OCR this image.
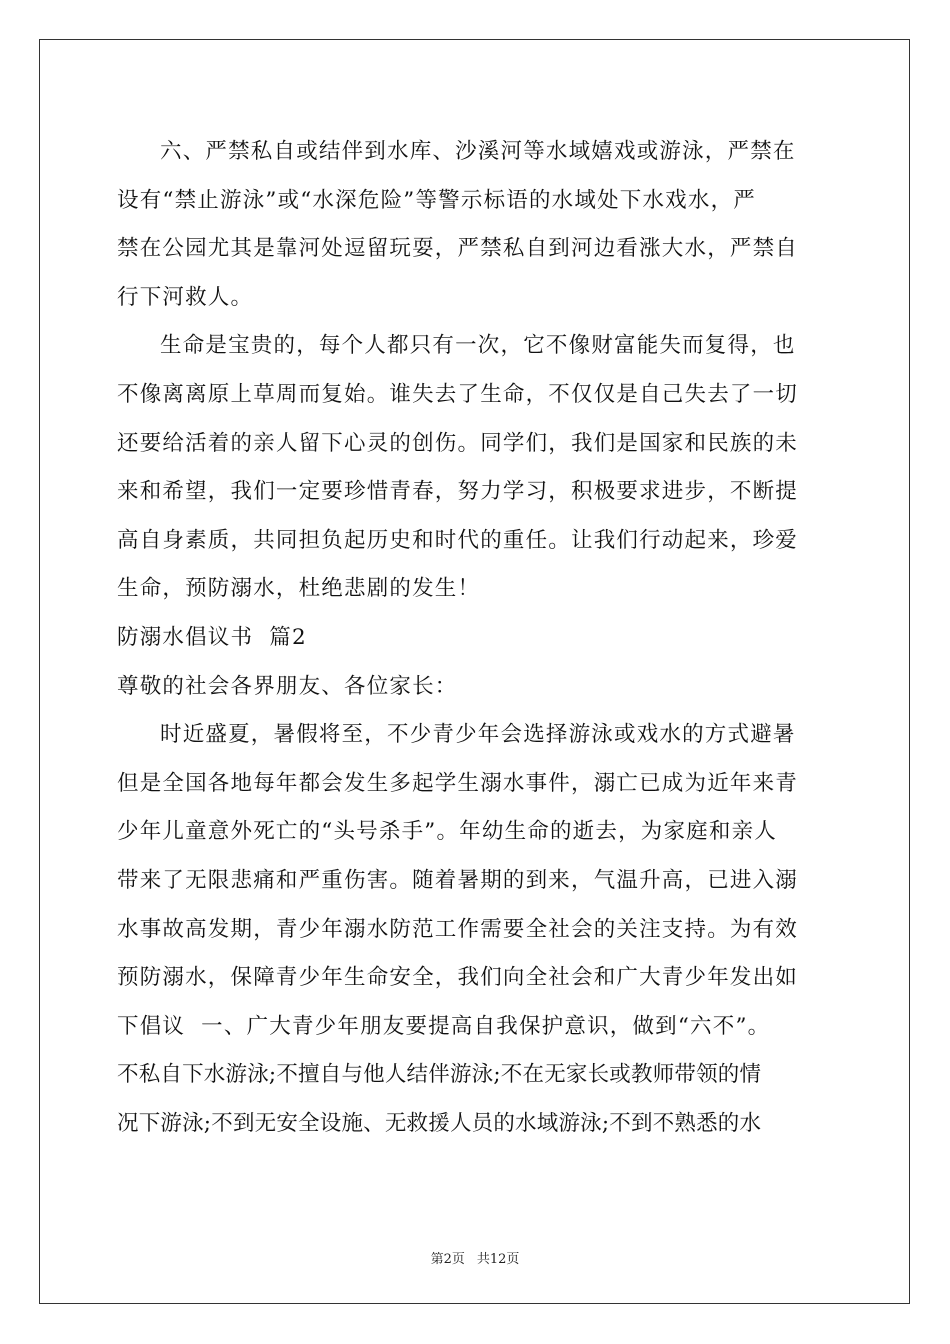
六、严禁私自或结伴到水库、沙溪河等水域嬉戏或游泳，严禁在
设有“禁止游泳”或“水深危险”等警示标语的水域处下水戏水，严
禁在公园尤其是靠河处逗留玩耍，严禁私自到河边看涨大水，严禁自
行下河救人。

生命是宝贵的，每个人都只有一次，它不像财富能失而复得，也
不像离离原上草周而复始。谁失去了生命，不仅仅是自己失去了一切
还要给活着的亲人留下心灵的创伤。同学们，我们是国家和民族的未
来和希望，我们一定要珍惜青春，努力学习，积极要求进步，不断提
高自身素质，共同担负起历史和时代的重任。让我们行动起来，珍爱
生命，预防溺水，杜绝悲剧的发生！

防溺水倡议书  篇2

尊敬的社会各界朋友、各位家长：

时近盛夏，暑假将至，不少青少年会选择游泳或戏水的方式避暑
但是全国各地每年都会发生多起学生溺水事件，溺亡已成为近年来青
少年儿童意外死亡的“头号杀手”。年幼生命的逝去，为家庭和亲人
带来了无限悲痛和严重伤害。随着暑期的到来，气温升高，已进入溺
水事故高发期，青少年溺水防范工作需要全社会的关注支持。为有效
预防溺水，保障青少年生命安全，我们向全社会和广大青少年发出如
下倡议  一、广大青少年朋友要提高自我保护意识，做到“六不”。
不私自下水游泳;不擅自与他人结伴游泳;不在无家长或教师带领的情
况下游泳;不到无安全设施、无救援人员的水域游泳;不到不熟悉的水

第2页 共12页
